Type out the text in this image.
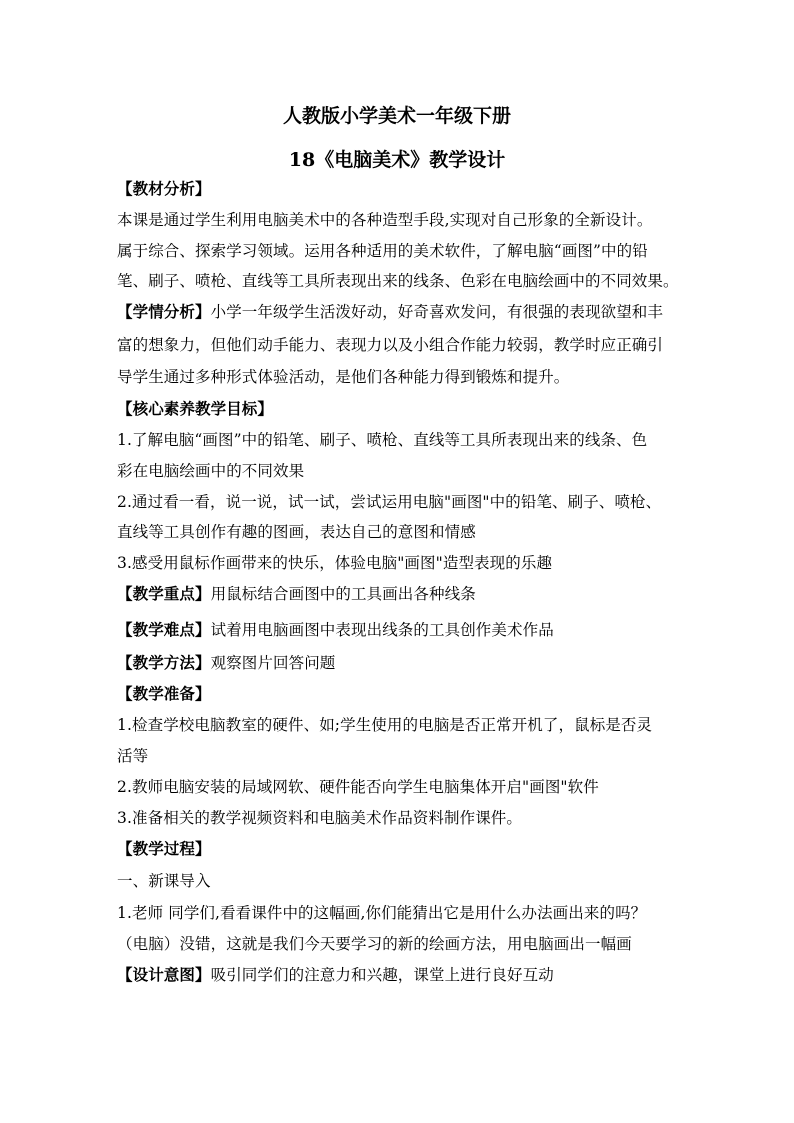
人教版小学美术一年级下册
18《电脑美术》教学设计
【教材分析】
本课是通过学生利用电脑美术中的各种造型手段,实现对自己形象的全新设计。
属于综合、探索学习领域。运用各种适用的美术软件，了解电脑“画图”中的铅
笔、刷子、喷枪、直线等工具所表现出来的线条、色彩在电脑绘画中的不同效果。
【学情分析】小学一年级学生活泼好动，好奇喜欢发问，有很强的表现欲望和丰
富的想象力，但他们动手能力、表现力以及小组合作能力较弱，教学时应正确引
导学生通过多种形式体验活动，是他们各种能力得到锻炼和提升。
【核心素养教学目标】
1.了解电脑“画图”中的铅笔、刷子、喷枪、直线等工具所表现出来的线条、色
彩在电脑绘画中的不同效果
2.通过看一看，说一说，试一试，尝试运用电脑"画图"中的铅笔、刷子、喷枪、
直线等工具创作有趣的图画，表达自己的意图和情感
3.感受用鼠标作画带来的快乐，体验电脑"画图"造型表现的乐趣
【教学重点】用鼠标结合画图中的工具画出各种线条
【教学难点】试着用电脑画图中表现出线条的工具创作美术作品
【教学方法】观察图片回答问题
【教学准备】
1.检查学校电脑教室的硬件、如;学生使用的电脑是否正常开机了，鼠标是否灵
活等
2.教师电脑安装的局域网软、硬件能否向学生电脑集体开启"画图"软件
3.准备相关的教学视频资料和电脑美术作品资料制作课件。
【教学过程】
一、新课导入
1.老师 同学们,看看课件中的这幅画,你们能猜出它是用什么办法画出来的吗？
（电脑）没错，这就是我们今天要学习的新的绘画方法，用电脑画出一幅画
【设计意图】吸引同学们的注意力和兴趣，课堂上进行良好互动
